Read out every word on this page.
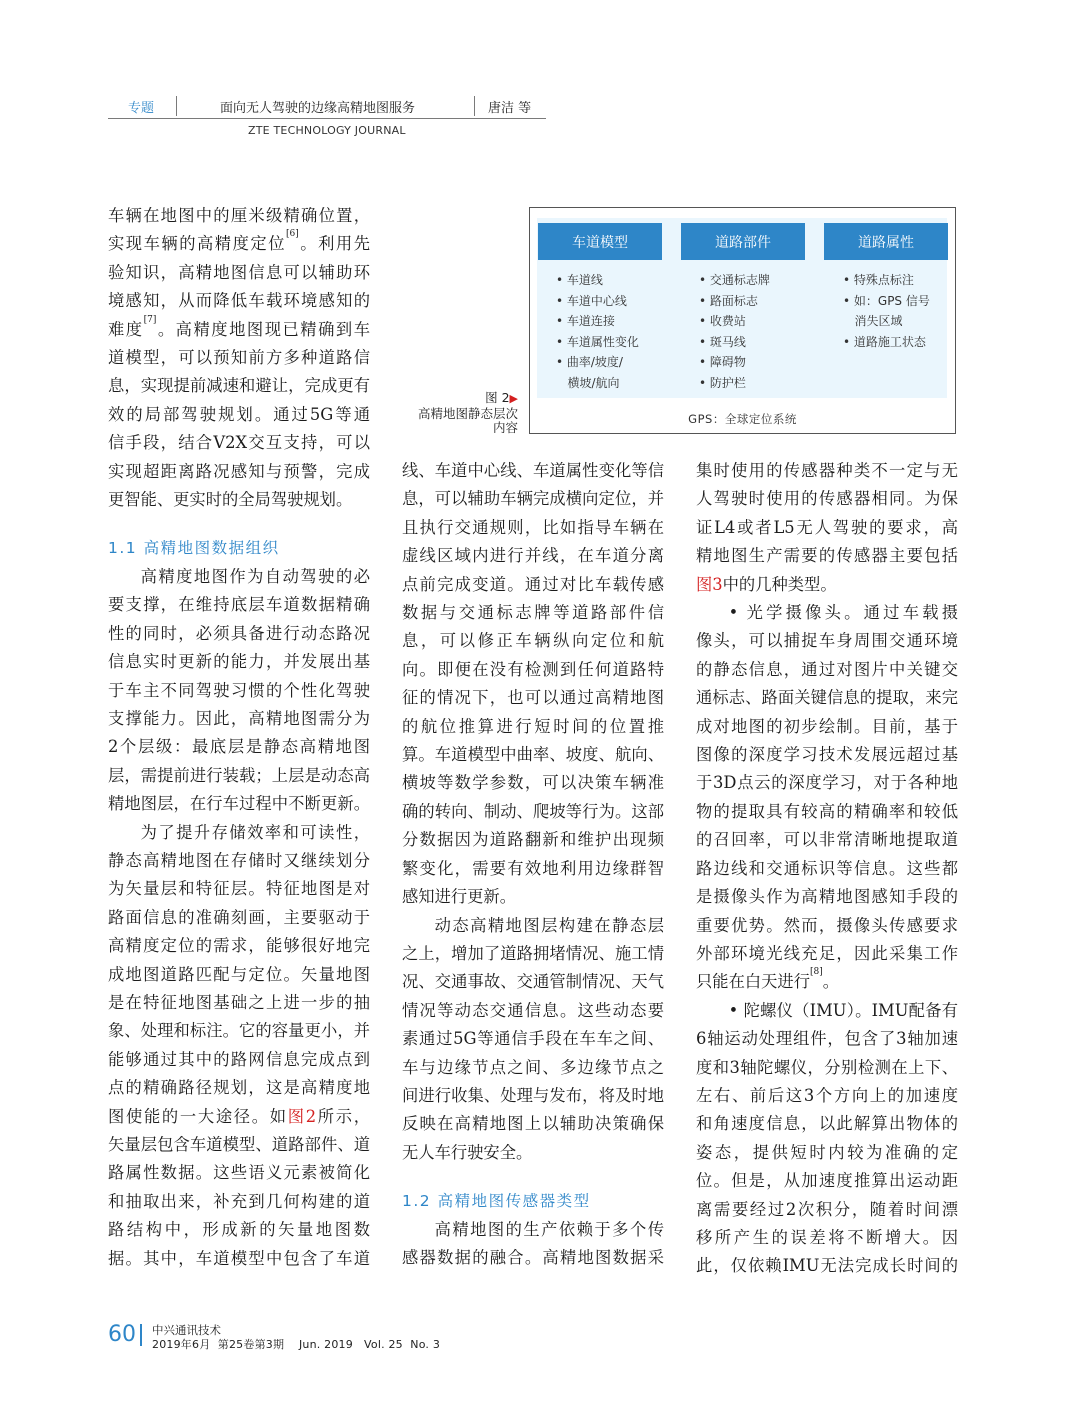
专题	面向无人驾驶的边缘高精地图服务	唐洁 等
ZTE TECHNOLOGY JOURNAL
车道模型	道路部件	道路属性
• 车道线
• 车道中心线
• 车道连接
• 车道属性变化
• 曲率/坡度/
横坡/航向
• 交通标志牌
• 路面标志
• 收费站
• 斑马线
• 障碍物
• 防护栏
• 特殊点标注
• 如：GPS 信号
消失区域
• 道路施工状态
GPS：全球定位系统
图 2▶
高精地图静态层次
内容

车辆在地图中的厘米级精确位置，

实现车辆的高精度定位[6]。利用先

验知识，高精地图信息可以辅助环

境感知，从而降低车载环境感知的

难度[7]。高精度地图现已精确到车

道模型，可以预知前方多种道路信

息，实现提前减速和避让，完成更有

效的局部驾驶规划。通过5G等通

信手段，结合V2X交互支持，可以

实现超距离路况感知与预警，完成

更智能、更实时的全局驾驶规划。

1.1 高精地图数据组织

高精度地图作为自动驾驶的必

要支撑，在维持底层车道数据精确

性的同时，必须具备进行动态路况

信息实时更新的能力，并发展出基

于车主不同驾驶习惯的个性化驾驶

支撑能力。因此，高精地图需分为

2个层级：最底层是静态高精地图

层，需提前进行装载；上层是动态高

精地图层，在行车过程中不断更新。

为了提升存储效率和可读性，

静态高精地图在存储时又继续划分

为矢量层和特征层。特征地图是对

路面信息的准确刻画，主要驱动于

高精度定位的需求，能够很好地完

成地图道路匹配与定位。矢量地图

是在特征地图基础之上进一步的抽

象、处理和标注。它的容量更小，并

能够通过其中的路网信息完成点到

点的精确路径规划，这是高精度地

图使能的一大途径。如图2所示，

矢量层包含车道模型、道路部件、道

路属性数据。这些语义元素被简化

和抽取出来，补充到几何构建的道

路结构中，形成新的矢量地图数

据。其中，车道模型中包含了车道

线、车道中心线、车道属性变化等信

息，可以辅助车辆完成横向定位，并

且执行交通规则，比如指导车辆在

虚线区域内进行并线，在车道分离

点前完成变道。通过对比车载传感

数据与交通标志牌等道路部件信

息，可以修正车辆纵向定位和航

向。即便在没有检测到任何道路特

征的情况下，也可以通过高精地图

的航位推算进行短时间的位置推

算。车道模型中曲率、坡度、航向、

横坡等数学参数，可以决策车辆准

确的转向、制动、爬坡等行为。这部

分数据因为道路翻新和维护出现频

繁变化，需要有效地利用边缘群智

感知进行更新。

动态高精地图层构建在静态层

之上，增加了道路拥堵情况、施工情

况、交通事故、交通管制情况、天气

情况等动态交通信息。这些动态要

素通过5G等通信手段在车车之间、

车与边缘节点之间、多边缘节点之

间进行收集、处理与发布，将及时地

反映在高精地图上以辅助决策确保

无人车行驶安全。

1.2 高精地图传感器类型

高精地图的生产依赖于多个传

感器数据的融合。高精地图数据采

集时使用的传感器种类不一定与无

人驾驶时使用的传感器相同。为保

证L4或者L5无人驾驶的要求，高

精地图生产需要的传感器主要包括

图3中的几种类型。

• 光学摄像头。通过车载摄

像头，可以捕捉车身周围交通环境

的静态信息，通过对图片中关键交

通标志、路面关键信息的提取，来完

成对地图的初步绘制。目前，基于

图像的深度学习技术发展远超过基

于3D点云的深度学习，对于各种地

物的提取具有较高的精确率和较低

的召回率，可以非常清晰地提取道

路边线和交通标识等信息。这些都

是摄像头作为高精地图感知手段的

重要优势。然而，摄像头传感要求

外部环境光线充足，因此采集工作

只能在白天进行[8]。

• 陀螺仪（IMU）。IMU配备有

6轴运动处理组件，包含了3轴加速

度和3轴陀螺仪，分别检测在上下、

左右、前后这3个方向上的加速度

和角速度信息，以此解算出物体的

姿态，提供短时内较为准确的定

位。但是，从加速度推算出运动距

离需要经过2次积分，随着时间漂

移所产生的误差将不断增大。因

此，仅依赖IMU无法完成长时间的

60 中兴通讯技术
2019年6月  第25卷第3期    Jun. 2019   Vol. 25  No. 3
